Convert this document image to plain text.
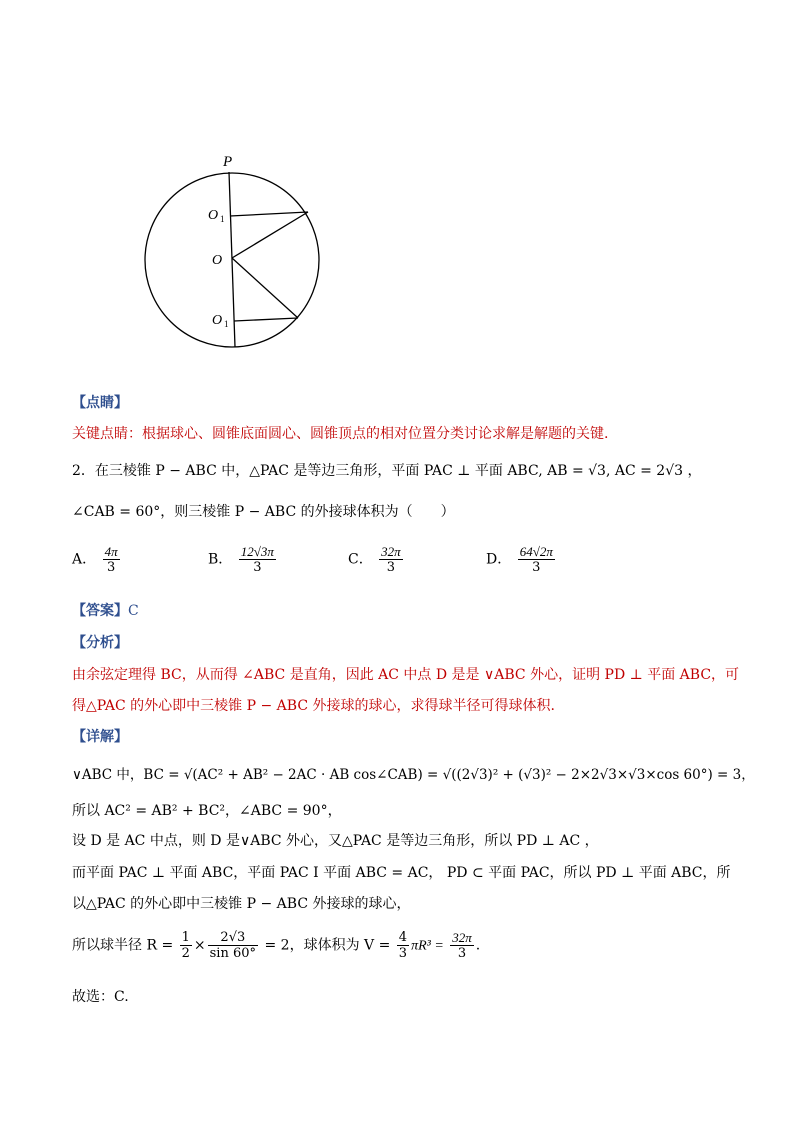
P
O 1
O
O 1
【点睛】
关键点睛：根据球心、圆锥底面圆心、圆锥顶点的相对位置分类讨论求解是解题的关键.
2．在三棱锥 P − ABC 中，△PAC 是等边三角形，平面 PAC ⊥ 平面 ABC, AB = √3, AC = 2√3 ，
∠CAB = 60°，则三棱锥 P − ABC 的外接球体积为（　　）
A． $\frac{4\pi}{3}$	B． $\frac{12√3\pi}{3}$	C． $\frac{32\pi}{3}$	D． $\frac{64√2\pi}{3}$
【答案】C
【分析】
由余弦定理得 BC，从而得 ∠ABC 是直角，因此 AC 中点 D 是是 ∨ABC 外心，证明 PD ⊥ 平面 ABC，可
得△PAC 的外心即中三棱锥 P − ABC 外接球的球心，求得球半径可得球体积.
【详解】
∨ABC 中，BC = √(AC² + AB² − 2AC · AB cos∠CAB) = √((2√3)² + (√3)² − 2×2√3×√3×cos 60°) = 3，
所以 AC² = AB² + BC²，∠ABC = 90°，
设 D 是 AC 中点，则 D 是∨ABC 外心，又△PAC 是等边三角形，所以 PD ⊥ AC ，
而平面 PAC ⊥ 平面 ABC，平面 PAC I 平面 ABC = AC， PD ⊂ 平面 PAC，所以 PD ⊥ 平面 ABC，所
以△PAC 的外心即中三棱锥 P − ABC 外接球的球心，
所以球半径 $R = \frac{1}{2} \times \frac{2√3}{\sin 60^\circ} = 2$，球体积为 $V = \frac{4}{3} \pi R^3 = \frac{32\pi}{3}$ .
故选：C.
